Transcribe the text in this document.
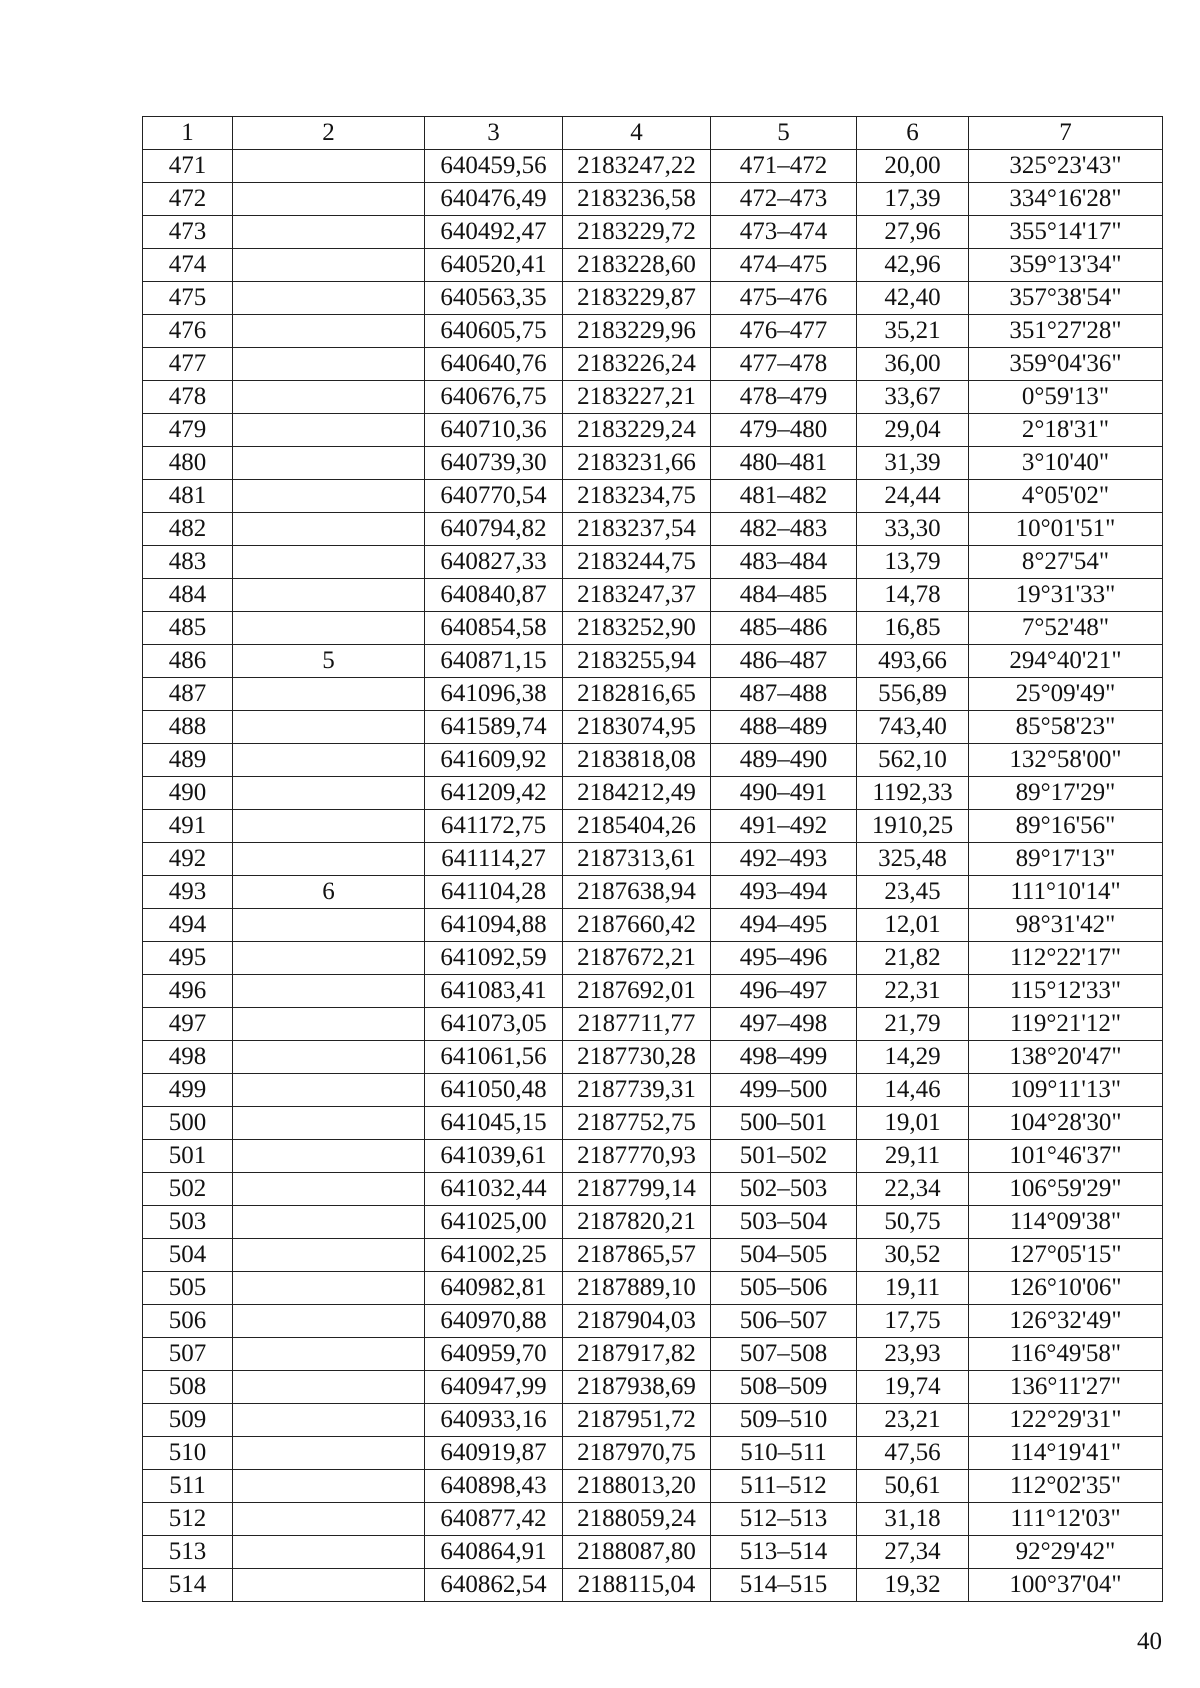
1	2	3	4	5	6	7
471		640459,56	2183247,22	471–472	20,00	325°23'43"
472		640476,49	2183236,58	472–473	17,39	334°16'28"
473		640492,47	2183229,72	473–474	27,96	355°14'17"
474		640520,41	2183228,60	474–475	42,96	359°13'34"
475		640563,35	2183229,87	475–476	42,40	357°38'54"
476		640605,75	2183229,96	476–477	35,21	351°27'28"
477		640640,76	2183226,24	477–478	36,00	359°04'36"
478		640676,75	2183227,21	478–479	33,67	0°59'13"
479		640710,36	2183229,24	479–480	29,04	2°18'31"
480		640739,30	2183231,66	480–481	31,39	3°10'40"
481		640770,54	2183234,75	481–482	24,44	4°05'02"
482		640794,82	2183237,54	482–483	33,30	10°01'51"
483		640827,33	2183244,75	483–484	13,79	8°27'54"
484		640840,87	2183247,37	484–485	14,78	19°31'33"
485		640854,58	2183252,90	485–486	16,85	7°52'48"
486	5	640871,15	2183255,94	486–487	493,66	294°40'21"
487		641096,38	2182816,65	487–488	556,89	25°09'49"
488		641589,74	2183074,95	488–489	743,40	85°58'23"
489		641609,92	2183818,08	489–490	562,10	132°58'00"
490		641209,42	2184212,49	490–491	1192,33	89°17'29"
491		641172,75	2185404,26	491–492	1910,25	89°16'56"
492		641114,27	2187313,61	492–493	325,48	89°17'13"
493	6	641104,28	2187638,94	493–494	23,45	111°10'14"
494		641094,88	2187660,42	494–495	12,01	98°31'42"
495		641092,59	2187672,21	495–496	21,82	112°22'17"
496		641083,41	2187692,01	496–497	22,31	115°12'33"
497		641073,05	2187711,77	497–498	21,79	119°21'12"
498		641061,56	2187730,28	498–499	14,29	138°20'47"
499		641050,48	2187739,31	499–500	14,46	109°11'13"
500		641045,15	2187752,75	500–501	19,01	104°28'30"
501		641039,61	2187770,93	501–502	29,11	101°46'37"
502		641032,44	2187799,14	502–503	22,34	106°59'29"
503		641025,00	2187820,21	503–504	50,75	114°09'38"
504		641002,25	2187865,57	504–505	30,52	127°05'15"
505		640982,81	2187889,10	505–506	19,11	126°10'06"
506		640970,88	2187904,03	506–507	17,75	126°32'49"
507		640959,70	2187917,82	507–508	23,93	116°49'58"
508		640947,99	2187938,69	508–509	19,74	136°11'27"
509		640933,16	2187951,72	509–510	23,21	122°29'31"
510		640919,87	2187970,75	510–511	47,56	114°19'41"
511		640898,43	2188013,20	511–512	50,61	112°02'35"
512		640877,42	2188059,24	512–513	31,18	111°12'03"
513		640864,91	2188087,80	513–514	27,34	92°29'42"
514		640862,54	2188115,04	514–515	19,32	100°37'04"
40
